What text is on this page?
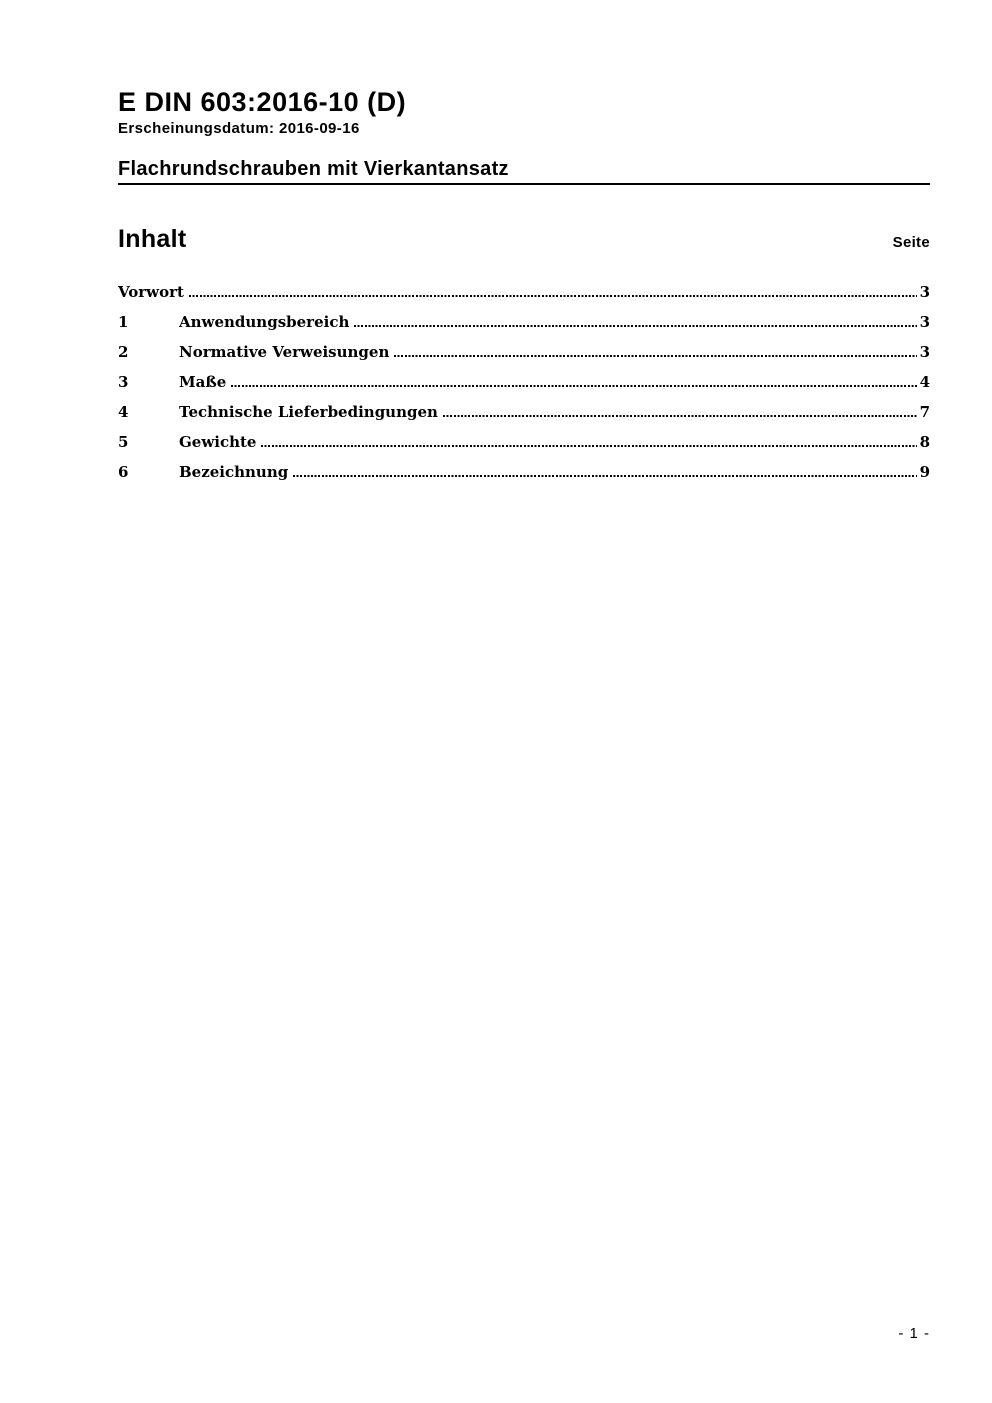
E DIN 603:2016-10 (D)
Erscheinungsdatum: 2016-09-16
Flachrundschrauben mit Vierkantansatz
Inhalt	Seite
Vorwort	3
1	Anwendungsbereich	3
2	Normative Verweisungen	3
3	Maße	4
4	Technische Lieferbedingungen	7
5	Gewichte	8
6	Bezeichnung	9
- 1 -
